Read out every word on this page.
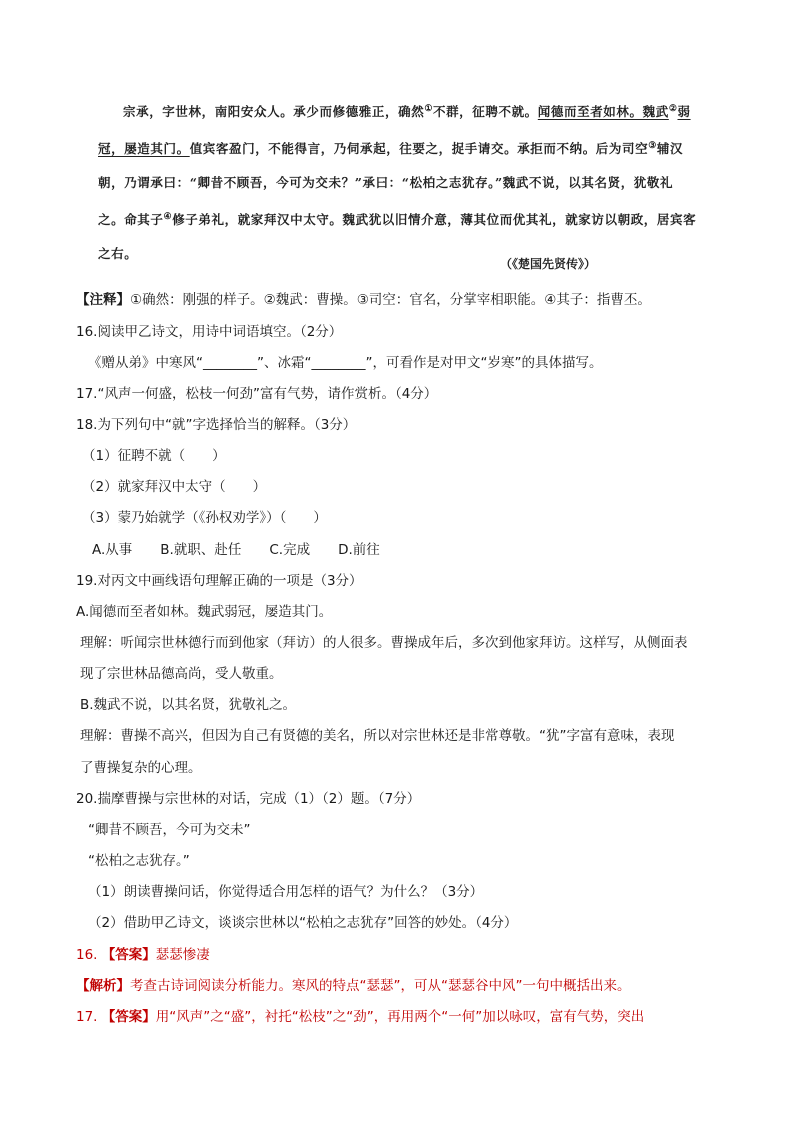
宗承，字世林，南阳安众人。承少而修德雅正，确然①不群，征聘不就。闻德而至者如林。魏武②弱

冠，屡造其门。值宾客盈门，不能得言，乃伺承起，往要之，捉手请交。承拒而不纳。后为司空③辅汉

朝，乃谓承曰：“卿昔不顾吾，今可为交未？”承曰：“松柏之志犹存。”魏武不说，以其名贤，犹敬礼

之。命其子④修子弟礼，就家拜汉中太守。魏武犹以旧情介意，薄其位而优其礼，就家访以朝政，居宾客

之右。

（《楚国先贤传》）
【注释】①确然：刚强的样子。②魏武：曹操。③司空：官名，分掌宰相职能。④其子：指曹丕。
16.阅读甲乙诗文，用诗中词语填空。（2分）
《赠从弟》中寒风“________”、冰霜“________”，可看作是对甲文“岁寒”的具体描写。
17.“风声一何盛，松枝一何劲”富有气势，请作赏析。（4分）
18.为下列句中“就”字选择恰当的解释。（3分）
（1）征聘不就（　　）
（2）就家拜汉中太守（　　）
（3）蒙乃始就学（《孙权劝学》）（　　）
A.从事 B.就职、赴任 C.完成 D.前往
19.对丙文中画线语句理解正确的一项是（3分）
A.闻德而至者如林。魏武弱冠，屡造其门。
理解：听闻宗世林德行而到他家（拜访）的人很多。曹操成年后，多次到他家拜访。这样写，从侧面表
现了宗世林品德高尚，受人敬重。
B.魏武不说，以其名贤，犹敬礼之。
理解：曹操不高兴，但因为自己有贤德的美名，所以对宗世林还是非常尊敬。“犹”字富有意味，表现
了曹操复杂的心理。
20.揣摩曹操与宗世林的对话，完成（1）（2）题。（7分）
“卿昔不顾吾，今可为交未”
“松柏之志犹存。”
（1）朗读曹操问话，你觉得适合用怎样的语气？为什么？（3分）
（2）借助甲乙诗文，谈谈宗世林以“松柏之志犹存”回答的妙处。（4分）
16. 【答案】瑟瑟惨凄
【解析】考查古诗词阅读分析能力。寒风的特点“瑟瑟”，可从“瑟瑟谷中风”一句中概括出来。
17. 【答案】用“风声”之“盛”，衬托“松枝”之“劲”，再用两个“一何”加以咏叹，富有气势，突出
